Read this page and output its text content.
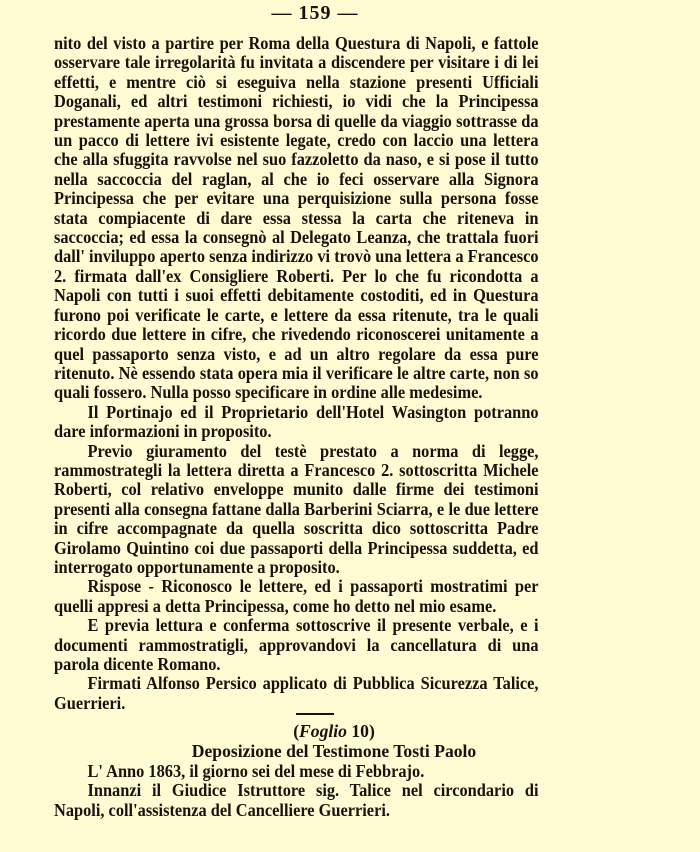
— 159 —

nito del visto a partire per Roma della Questura di Napoli, e fattole osservare tale irregolarità fu invitata a discendere per visitare i di lei effetti, e mentre ciò si eseguiva nella stazione presenti Ufficiali Doganali, ed altri testimoni richiesti, io vidi che la Principessa prestamente aperta una grossa borsa di quelle da viaggio sottrasse da un pacco di lettere ivi esistente legate, credo con laccio una lettera che alla sfuggita ravvolse nel suo fazzoletto da naso, e si pose il tutto nella saccoccia del raglan, al che io feci osservare alla Signora Principessa che per evitare una perquisizione sulla persona fosse stata compiacente di dare essa stessa la carta che riteneva in saccoccia; ed essa la consegnò al Delegato Leanza, che trattala fuori dall' inviluppo aperto senza indirizzo vi trovò una lettera a Francesco 2. firmata dall'ex Consigliere Roberti. Per lo che fu ricondotta a Napoli con tutti i suoi effetti debitamente costoditi, ed in Questura furono poi verificate le carte, e lettere da essa ritenute, tra le quali ricordo due lettere in cifre, che rivedendo riconoscerei unitamente a quel passaporto senza visto, e ad un altro regolare da essa pure ritenuto. Nè essendo stata opera mia il verificare le altre carte, non so quali fossero. Nulla posso specificare in ordine alle medesime.

Il Portinajo ed il Proprietario dell'Hotel Wasington potranno dare informazioni in proposito.

Previo giuramento del testè prestato a norma di legge, rammostrategli la lettera diretta a Francesco 2. sottoscritta Michele Roberti, col relativo enveloppe munito dalle firme dei testimoni presenti alla consegna fattane dalla Barberini Sciarra, e le due lettere in cifre accompagnate da quella soscritta dico sottoscritta Padre Girolamo Quintino coi due passaporti della Principessa suddetta, ed interrogato opportunamente a proposito.

Rispose - Riconosco le lettere, ed i passaporti mostratimi per quelli appresi a detta Principessa, come ho detto nel mio esame.

E previa lettura e conferma sottoscrive il presente verbale, e i documenti rammostratigli, approvandovi la cancellatura di una parola dicente Romano.

Firmati Alfonso Persico applicato di Pubblica Sicurezza Talice, Guerrieri.

(Foglio 10)
Deposizione del Testimone Tosti Paolo

L' Anno 1863, il giorno sei del mese di Febbrajo.

Innanzi il Giudice Istruttore sig. Talice nel circondario di Napoli, coll'assistenza del Cancelliere Guerrieri.
